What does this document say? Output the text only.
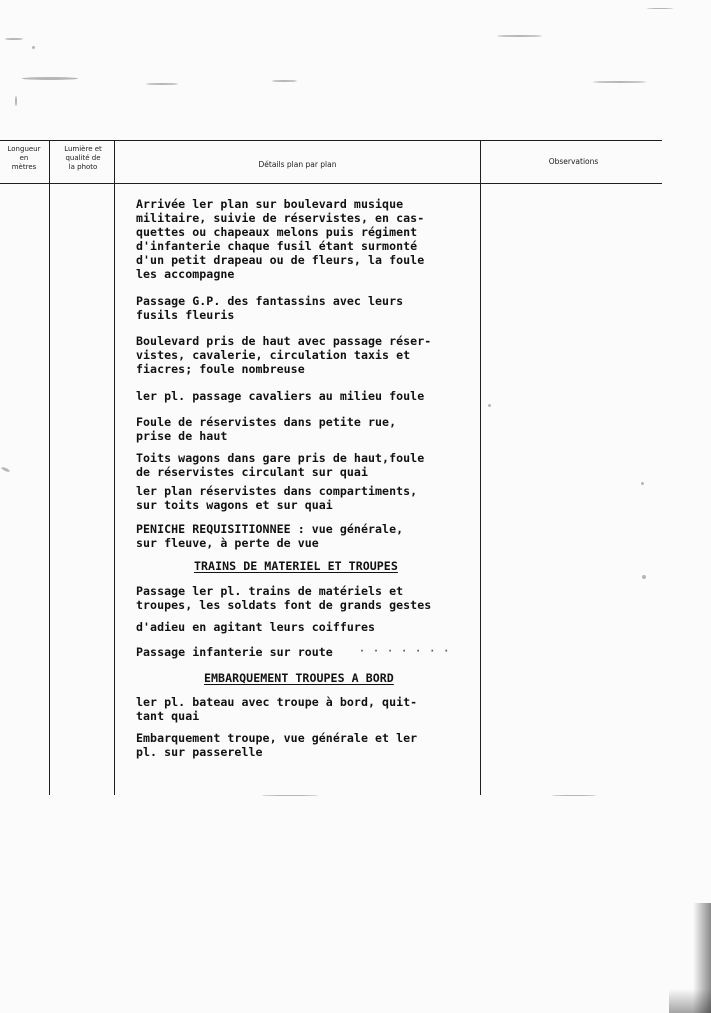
Longueur
en
mètres
Lumière et
qualité de
la photo	Détails plan par plan	Observations
Arrivée ler plan sur boulevard musique
militaire, suivie de réservistes, en cas-
quettes ou chapeaux melons puis régiment
d'infanterie chaque fusil étant surmonté
d'un petit drapeau ou de fleurs, la foule
les accompagne
Passage G.P. des fantassins avec leurs
fusils fleuris
Boulevard pris de haut avec passage réser-
vistes, cavalerie, circulation taxis et
fiacres; foule nombreuse
ler pl. passage cavaliers au milieu foule
Foule de réservistes dans petite rue,
prise de haut
Toits wagons dans gare pris de haut,foule
de réservistes circulant sur quai
ler plan réservistes dans compartiments,
sur toits wagons et sur quai
PENICHE REQUISITIONNEE : vue générale,
sur fleuve, à perte de vue
TRAINS DE MATERIEL ET TROUPES
Passage ler pl. trains de matériels et
troupes, les soldats font de grands gestes
d'adieu en agitant leurs coiffures
Passage infanterie sur route
EMBARQUEMENT TROUPES A BORD
ler pl. bateau avec troupe à bord, quit-
tant quai
Embarquement troupe, vue générale et ler
pl. sur passerelle
· · · · · · ·
